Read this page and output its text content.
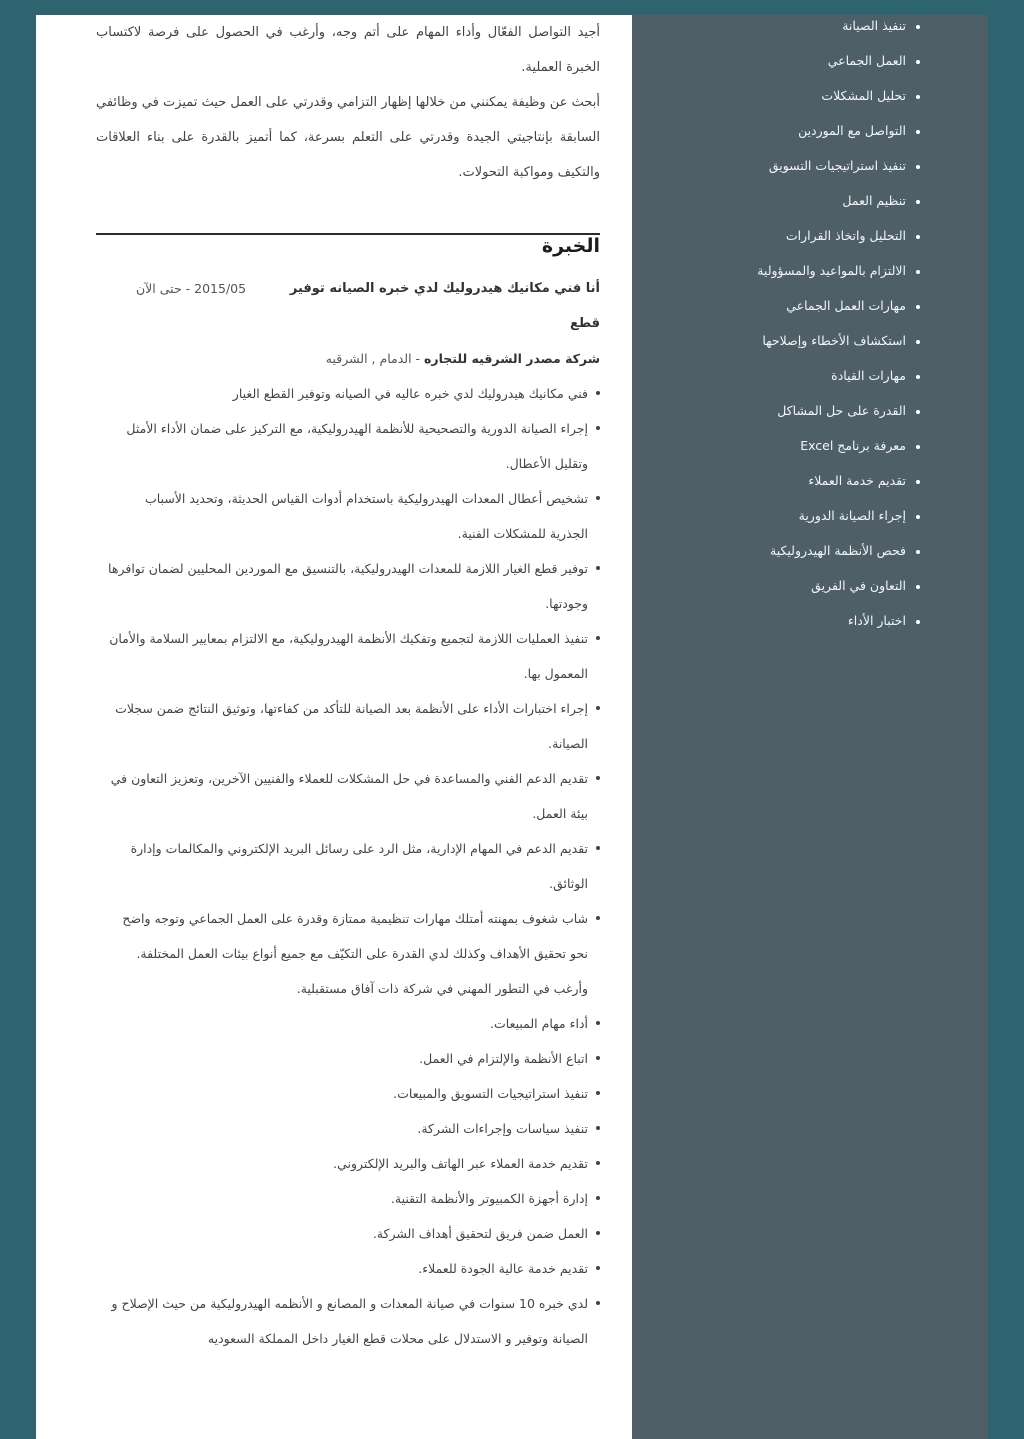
تنفيذ الصيانة
العمل الجماعي
تحليل المشكلات
التواصل مع الموردين
تنفيذ استراتيجيات التسويق
تنظيم العمل
التحليل واتخاذ القرارات
الالتزام بالمواعيد والمسؤولية
مهارات العمل الجماعي
استكشاف الأخطاء وإصلاحها
مهارات القيادة
القدرة على حل المشاكل
معرفة برنامج Excel
تقديم خدمة العملاء
إجراء الصيانة الدورية
فحص الأنظمة الهيدروليكية
التعاون في الفريق
اختبار الأداء

أجيد التواصل الفعّال وأداء المهام على أتم وجه، وأرغب في الحصول على فرصة لاكتساب الخبرة العملية.

أبحث عن وظيفة يمكنني من خلالها إظهار التزامي وقدرتي على العمل حيث تميزت في وظائفي السابقة بإنتاجيتي الجيدة وقدرتي على التعلم بسرعة، كما أتميز بالقدرة على بناء العلاقات والتكيف ومواكبة التحولات.

الخبرة
أنا فني مكانيك هيدروليك لدي خبره الصيانه توفير قطع
2015/05 - حتى الآن

شركة مصدر الشرقيه للتجاره - الدمام , الشرقيه

فني مكانيك هيدروليك لدي خبره عاليه في الصيانه وتوفير القطع الغيار
إجراء الصيانة الدورية والتصحيحية للأنظمة الهيدروليكية، مع التركيز على ضمان الأداء الأمثل وتقليل الأعطال.
تشخيص أعطال المعدات الهيدروليكية باستخدام أدوات القياس الحديثة، وتحديد الأسباب الجذرية للمشكلات الفنية.
توفير قطع الغيار اللازمة للمعدات الهيدروليكية، بالتنسيق مع الموردين المحليين لضمان توافرها وجودتها.
تنفيذ العمليات اللازمة لتجميع وتفكيك الأنظمة الهيدروليكية، مع الالتزام بمعايير السلامة والأمان المعمول بها.
إجراء اختبارات الأداء على الأنظمة بعد الصيانة للتأكد من كفاءتها، وتوثيق النتائج ضمن سجلات الصيانة.
تقديم الدعم الفني والمساعدة في حل المشكلات للعملاء والفنيين الآخرين، وتعزيز التعاون في بيئة العمل.
تقديم الدعم في المهام الإدارية، مثل الرد على رسائل البريد الإلكتروني والمكالمات وإدارة الوثائق.
شاب شغوف بمهنته أمتلك مهارات تنظيمية ممتازة وقدرة على العمل الجماعي وتوجه واضح نحو تحقيق الأهداف وكذلك لدي القدرة على التكيّف مع جميع أنواع بيئات العمل المختلفة. وأرغب في التطور المهني في شركة ذات آفاق مستقبلية.
أداء مهام المبيعات.
اتباع الأنظمة والإلتزام في العمل.
تنفيذ استراتيجيات التسويق والمبيعات.
تنفيذ سياسات وإجراءات الشركة.
تقديم خدمة العملاء عبر الهاتف والبريد الإلكتروني.
إدارة أجهزة الكمبيوتر والأنظمة التقنية.
العمل ضمن فريق لتحقيق أهداف الشركة.
تقديم خدمة عالية الجودة للعملاء.
لدي خبره 10 سنوات في صيانة المعدات و المصانع و الأنظمه الهيدروليكية من حيث الإصلاح و الصيانة وتوفير و الاستدلال على محلات قطع الغيار داخل المملكة السعوديه
